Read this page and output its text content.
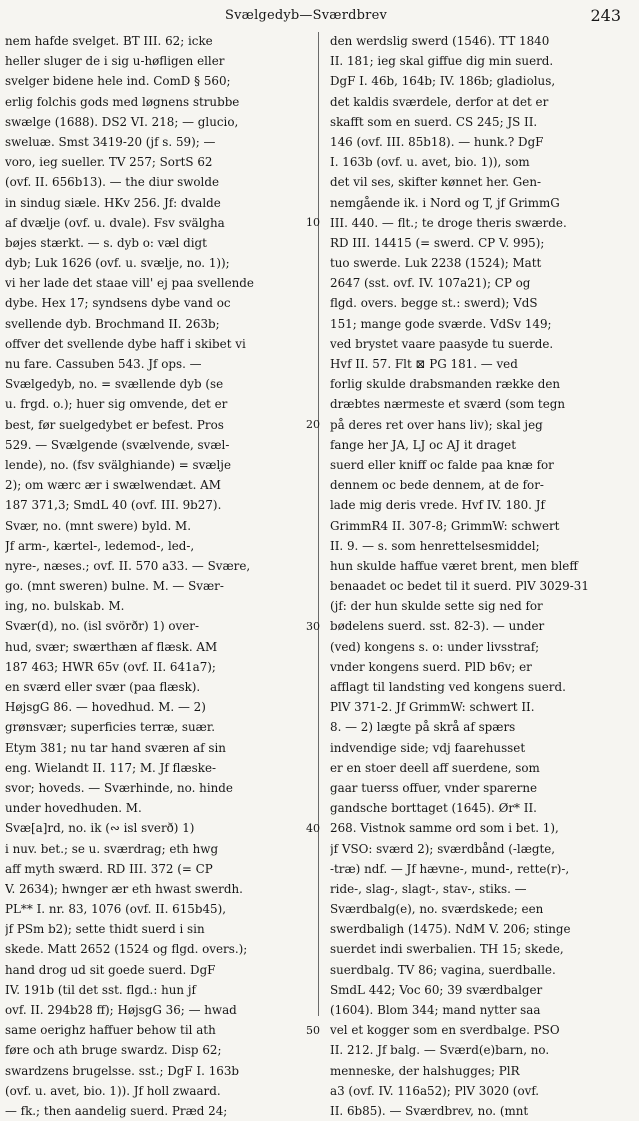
Svælgedyb—Sværdbrev	243
nem hafde svelget. BT III. 62; icke
heller sluger de i sig u-høfligen eller
svelger bidene hele ind. ComD § 560;
erlig folchis gods med løgnens strubbe
swælge (1688). DS2 VI. 218; — glucio,
sweluæ. Smst 3419-20 (jf s. 59); —
voro, ieg sueller. TV 257; SortS 62
(ovf. II. 656b13). — the diur swolde
in sindug siæle. HKv 256. Jf: dvalde
af dvælje (ovf. u. dvale). Fsv svälgha
bøjes stærkt. — s. dyb o: væl digt
dyb; Luk 1626 (ovf. u. svælje, no. 1));
vi her lade det staae vill' ej paa svellende
dybe. Hex 17; syndsens dybe vand oc
svellende dyb. Brochmand II. 263b;
offver det svellende dybe haff i skibet vi
nu fare. Cassuben 543. Jf ops. —
Svælgedyb, no. = svællende dyb (se
u. frgd. o.); huer sig omvende, det er
best, før suelgedybet er befest. Pros
529. — Svælgende (svælvende, svæl-
lende), no. (fsv svälghiande) = svælje
2); om wærc ær i swælwendæt. AM
187 371,3; SmdL 40 (ovf. III. 9b27).
Svær, no. (mnt swere) byld. M.
Jf arm-, kærtel-, ledemod-, led-,
nyre-, næses.; ovf. II. 570 a33. — Svære,
go. (mnt sweren) bulne. M. — Svær-
ing, no. bulskab. M.
Svær(d), no. (isl svörðr) 1) over-
hud, svær; swærthæn af flæsk. AM
187 463; HWR 65v (ovf. II. 641a7);
en sværd eller svær (paa flæsk).
HøjsgG 86. — hovedhud. M. — 2)
grønsvær; superficies terræ, suær.
Etym 381; nu tar hand sværen af sin
eng. Wielandt II. 117; M. Jf flæske-
svor; hoveds. — Sværhinde, no. hinde
under hovedhuden. M.
Svæ[a]rd, no. ik (∾ isl sverð) 1)
i nuv. bet.; se u. sværdrag; eth hwg
aff myth swærd. RD III. 372 (= CP
V. 2634); hwnger ær eth hwast swerdh.
PL** I. nr. 83, 1076 (ovf. II. 615b45),
jf PSm b2); sette thidt suerd i sin
skede. Matt 2652 (1524 og flgd. overs.);
hand drog ud sit goede suerd. DgF
IV. 191b (til det sst. flgd.: hun jf
ovf. II. 294b28 ff); HøjsgG 36; — hwad
same oerighz haffuer behow til ath
føre och ath bruge swardz. Disp 62;
swardzens brugelsse. sst.; DgF I. 163b
(ovf. u. avet, bio. 1)). Jf holl zwaard.
— fk.; then aandelig suerd. Præd 24;
10
20
30
40
50
den werdslig swerd (1546). TT 1840
II. 181; ieg skal giffue dig min suerd.
DgF I. 46b, 164b; IV. 186b; gladiolus,
det kaldis sværdele, derfor at det er
skafft som en suerd. CS 245; JS II.
146 (ovf. III. 85b18). — hunk.? DgF
I. 163b (ovf. u. avet, bio. 1)), som
det vil ses, skifter kønnet her. Gen-
nemgående ik. i Nord og T, jf GrimmG
III. 440. — flt.; te droge theris swærde.
RD III. 14415 (= swerd. CP V. 995);
tuo swerde. Luk 2238 (1524); Matt
2647 (sst. ovf. IV. 107a21); CP og
flgd. overs. begge st.: swerd); VdS
151; mange gode sværde. VdSv 149;
ved brystet vaare paasyde tu suerde.
Hvf II. 57. Flt ⊠ PG 181. — ved
forlig skulde drabsmanden række den
dræbtes nærmeste et sværd (som tegn
på deres ret over hans liv); skal jeg
fange her JA, LJ oc AJ it draget
suerd eller kniff oc falde paa knæ for
dennem oc bede dennem, at de for-
lade mig deris vrede. Hvf IV. 180. Jf
GrimmR4 II. 307-8; GrimmW: schwert
II. 9. — s. som henrettelsesmiddel;
hun skulde haffue været brent, men bleff
benaadet oc bedet til it suerd. PlV 3029-31
(jf: der hun skulde sette sig ned for
bødelens suerd. sst. 82-3). — under
(ved) kongens s. o: under livsstraf;
vnder kongens suerd. PlD b6v; er
afflagt til landsting ved kongens suerd.
PlV 371-2. Jf GrimmW: schwert II.
8. — 2) lægte på skrå af spærs
indvendige side; vdj faarehusset
er en stoer deell aff suerdene, som
gaar tuerss offuer, vnder sparerne
gandsche borttaget (1645). Ør* II.
268. Vistnok samme ord som i bet. 1),
jf VSO: sværd 2); sværdbånd (-lægte,
-træ) ndf. — Jf hævne-, mund-, rette(r)-,
ride-, slag-, slagt-, stav-, stiks. —
Sværdbalg(e), no. sværdskede; een
swerdbaligh (1475). NdM V. 206; stinge
suerdet indi swerbalien. TH 15; skede,
suerdbalg. TV 86; vagina, suerdballe.
SmdL 442; Voc 60; 39 sværdbalger
(1604). Blom 344; mand nytter saa
vel et kogger som en sverdbalge. PSO
II. 212. Jf balg. — Sværd(e)barn, no.
menneske, der halshugges; PlR
a3 (ovf. IV. 116a52); PlV 3020 (ovf.
II. 6b85). — Sværdbrev, no. (mnt
